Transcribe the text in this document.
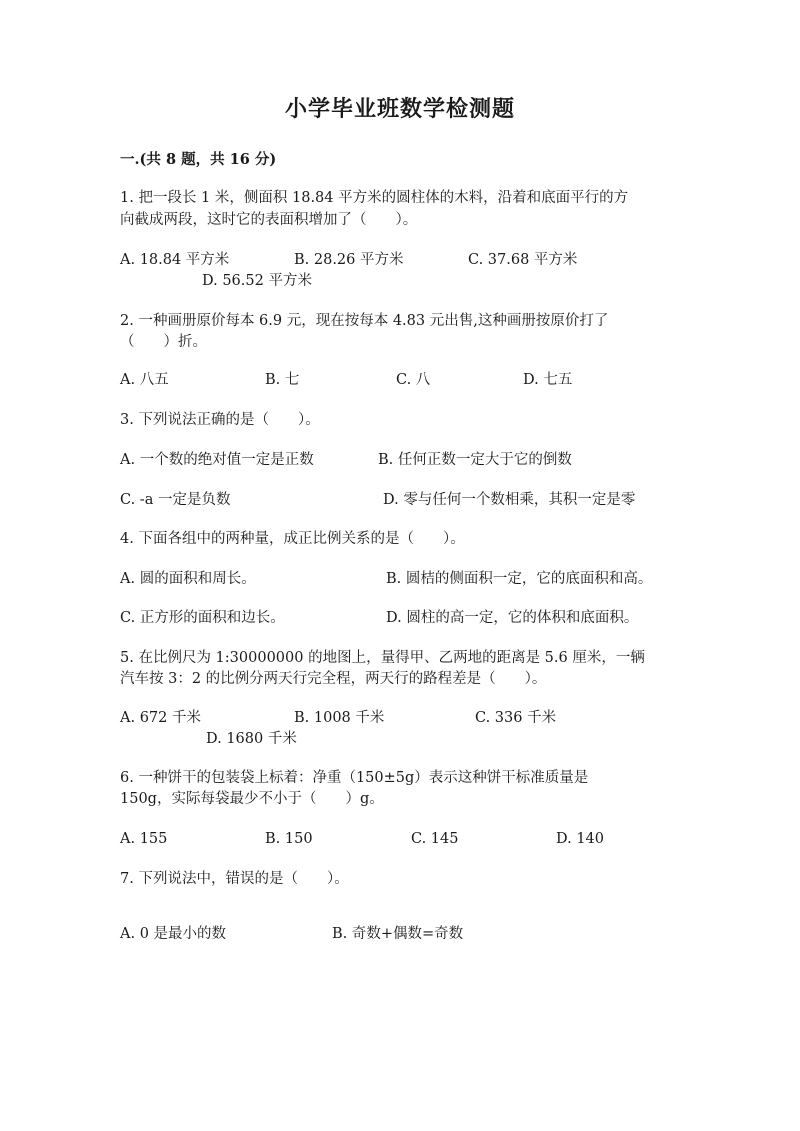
小学毕业班数学检测题
一.(共 8 题，共 16 分)
1. 把一段长 1 米，侧面积 18.84 平方米的圆柱体的木料，沿着和底面平行的方
向截成两段，这时它的表面积增加了（　　）。
A. 18.84 平方米	B. 28.26 平方米	C. 37.68 平方米
D. 56.52 平方米
2. 一种画册原价每本 6.9 元，现在按每本 4.83 元出售,这种画册按原价打了
（　　）折。
A. 八五	B. 七	C. 八	D. 七五
3. 下列说法正确的是（　　）。
A. 一个数的绝对值一定是正数	B. 任何正数一定大于它的倒数
C. -a 一定是负数	D. 零与任何一个数相乘，其积一定是零
4. 下面各组中的两种量，成正比例关系的是（　　）。
A. 圆的面积和周长。	B. 圆桔的侧面积一定，它的底面积和高。
C. 正方形的面积和边长。	D. 圆柱的高一定，它的体积和底面积。
5. 在比例尺为 1:30000000 的地图上，量得甲、乙两地的距离是 5.6 厘米，一辆
汽车按 3：2 的比例分两天行完全程，两天行的路程差是（　　）。
A. 672 千米	B. 1008 千米	C. 336 千米
D. 1680 千米
6. 一种饼干的包装袋上标着：净重（150±5g）表示这种饼干标准质量是
150g，实际每袋最少不小于（　　）g。
A. 155	B. 150	C. 145	D. 140
7. 下列说法中，错误的是（　　）。
A. 0 是最小的数	B. 奇数+偶数=奇数
